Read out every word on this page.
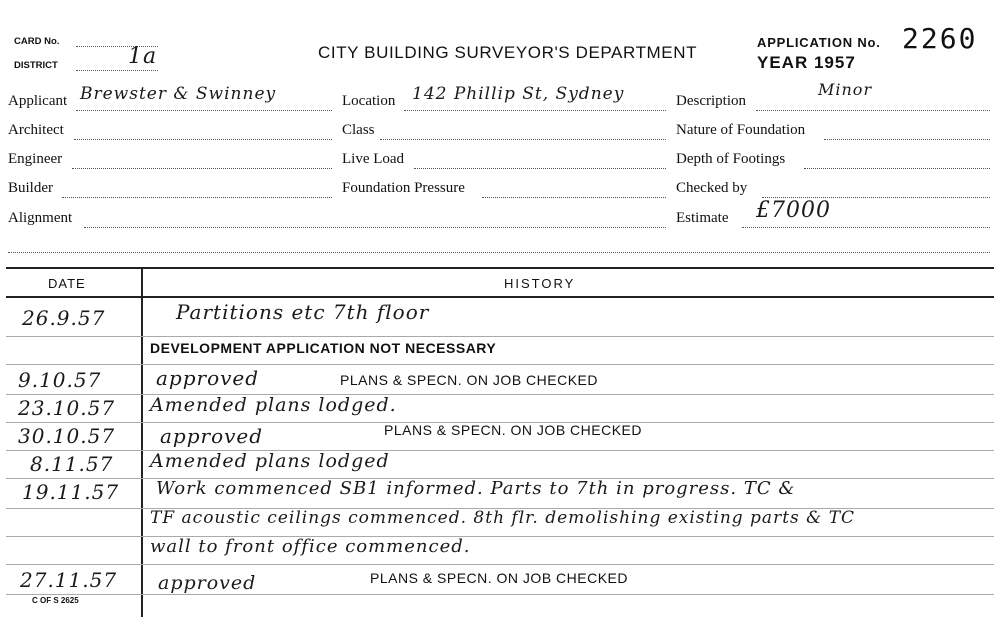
CARD No.
DISTRICT	1a	CITY BUILDING SURVEYOR'S DEPARTMENT
APPLICATION No. 2260
YEAR 1957
Applicant Brewster & Swinney	Location 142 Phillip St, Sydney	Description
Minor
Architect	Class	Nature of Foundation
Engineer	Live Load	Depth of Footings
Builder	Foundation Pressure	Checked by
Alignment	Estimate £7000
DATE	HISTORY
26.9.57	Partitions etc 7th floor
DEVELOPMENT APPLICATION NOT NECESSARY
9.10.57	approved	PLANS & SPECN. ON JOB CHECKED
23.10.57 Amended plans lodged.
30.10.57 approved	PLANS & SPECN. ON JOB CHECKED
8.11.57 Amended plans lodged
19.11.57 Work commenced SB1 informed. Parts to 7th in progress. TC &
TF acoustic ceilings commenced. 8th flr. demolishing existing parts & TC
wall to front office commenced.
27.11.57 approved	PLANS & SPECN. ON JOB CHECKED
C OF S 2625
